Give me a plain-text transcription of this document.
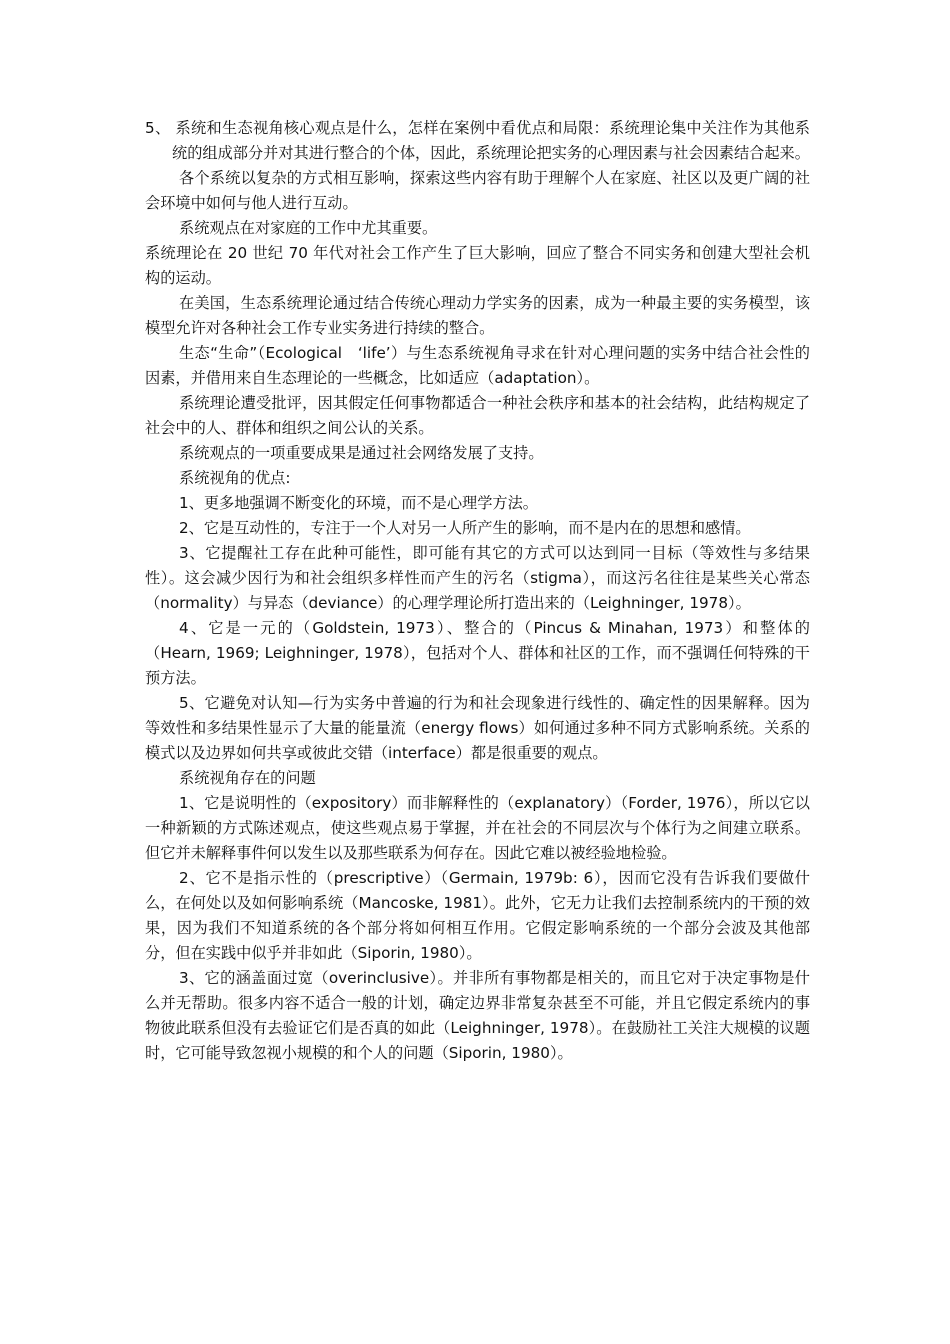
5、 系统和生态视角核心观点是什么，怎样在案例中看优点和局限：系统理论集中关注作为其他系统的组成部分并对其进行整合的个体，因此，系统理论把实务的心理因素与社会因素结合起来。

各个系统以复杂的方式相互影响，探索这些内容有助于理解个人在家庭、社区以及更广阔的社会环境中如何与他人进行互动。

系统观点在对家庭的工作中尤其重要。

系统理论在 20 世纪 70 年代对社会工作产生了巨大影响，回应了整合不同实务和创建大型社会机构的运动。

在美国，生态系统理论通过结合传统心理动力学实务的因素，成为一种最主要的实务模型，该模型允许对各种社会工作专业实务进行持续的整合。

生态“生命”（Ecological　‘life’）与生态系统视角寻求在针对心理问题的实务中结合社会性的因素，并借用来自生态理论的一些概念，比如适应（adaptation）。

系统理论遭受批评，因其假定任何事物都适合一种社会秩序和基本的社会结构，此结构规定了社会中的人、群体和组织之间公认的关系。

系统观点的一项重要成果是通过社会网络发展了支持。

系统视角的优点:

1、更多地强调不断变化的环境，而不是心理学方法。

2、它是互动性的，专注于一个人对另一人所产生的影响，而不是内在的思想和感情。

3、它提醒社工存在此种可能性，即可能有其它的方式可以达到同一目标（等效性与多结果性）。这会减少因行为和社会组织多样性而产生的污名（stigma），而这污名往往是某些关心常态（normality）与异态（deviance）的心理学理论所打造出来的（Leighninger, 1978）。

4、它是一元的（Goldstein, 1973）、整合的（Pincus & Minahan, 1973）和整体的（Hearn, 1969; Leighninger, 1978），包括对个人、群体和社区的工作，而不强调任何特殊的干预方法。

5、它避免对认知—行为实务中普遍的行为和社会现象进行线性的、确定性的因果解释。因为等效性和多结果性显示了大量的能量流（energy flows）如何通过多种不同方式影响系统。关系的模式以及边界如何共享或彼此交错（interface）都是很重要的观点。

系统视角存在的问题

1、它是说明性的（expository）而非解释性的（explanatory）（Forder, 1976），所以它以一种新颖的方式陈述观点，使这些观点易于掌握，并在社会的不同层次与个体行为之间建立联系。但它并未解释事件何以发生以及那些联系为何存在。因此它难以被经验地检验。

2、它不是指示性的（prescriptive）（Germain, 1979b: 6），因而它没有告诉我们要做什么，在何处以及如何影响系统（Mancoske, 1981）。此外，它无力让我们去控制系统内的干预的效果，因为我们不知道系统的各个部分将如何相互作用。它假定影响系统的一个部分会波及其他部分，但在实践中似乎并非如此（Siporin, 1980）。

3、它的涵盖面过宽（overinclusive）。并非所有事物都是相关的，而且它对于决定事物是什么并无帮助。很多内容不适合一般的计划，确定边界非常复杂甚至不可能，并且它假定系统内的事物彼此联系但没有去验证它们是否真的如此（Leighninger, 1978）。在鼓励社工关注大规模的议题时，它可能导致忽视小规模的和个人的问题（Siporin, 1980）。
